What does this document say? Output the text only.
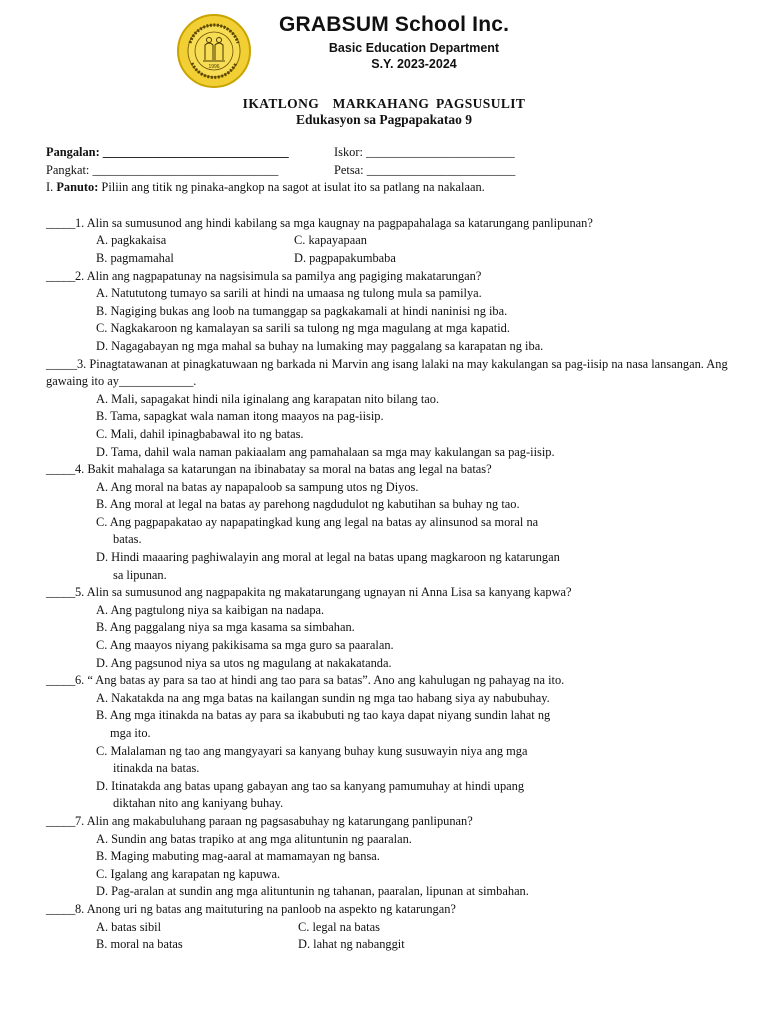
1996
GRABSUM School Inc.
Basic Education Department
S.Y. 2023-2024
IKATLONG  MARKAHANG PAGSUSULIT
Edukasyon sa Pagpapakatao 9
Pangalan: ______________________________	Iskor: ________________________
Pangkat: ______________________________	Petsa: ________________________
I. Panuto: Piliin ang titik ng pinaka-angkop na sagot at isulat ito sa patlang na nakalaan.
_____1. Alin sa sumusunod ang hindi kabilang sa mga kaugnay na pagpapahalaga sa katarungang panlipunan?
A. pagkakaisa	C. kapayapaan
B. pagmamahal	D. pagpapakumbaba
_____2. Alin ang nagpapatunay na nagsisimula sa pamilya ang pagiging makatarungan?
A. Natututong tumayo sa sarili at hindi na umaasa ng tulong mula sa pamilya.
B. Nagiging bukas ang loob na tumanggap sa pagkakamali at hindi naninisi ng iba.
C. Nagkakaroon ng kamalayan sa sarili sa tulong ng mga magulang at mga kapatid.
D. Nagagabayan ng mga mahal sa buhay na lumaking may paggalang sa karapatan ng iba.
_____3. Pinagtatawanan at pinagkatuwaan ng barkada ni Marvin ang isang lalaki na may kakulangan sa pag-iisip na nasa lansangan. Ang gawaing ito ay____________.
A. Mali, sapagakat hindi nila iginalang ang karapatan nito bilang tao.
B. Tama, sapagkat wala naman itong maayos na pag-iisip.
C. Mali, dahil ipinagbabawal ito ng batas.
D. Tama, dahil wala naman pakiaalam ang pamahalaan sa mga may kakulangan sa pag-iisip.
_____4. Bakit mahalaga sa katarungan na ibinabatay sa moral na batas ang legal na batas?
A. Ang moral na batas ay napapaloob sa sampung utos ng Diyos.
B. Ang moral at legal na batas ay parehong nagdudulot ng kabutihan sa buhay ng tao.
C. Ang pagpapakatao ay napapatingkad kung ang legal na batas ay alinsunod sa moral na
batas.
D. Hindi maaaring paghiwalayin ang moral at legal na batas upang magkaroon ng katarungan
sa lipunan.
_____5. Alin sa sumusunod ang nagpapakita ng makatarungang ugnayan ni Anna Lisa sa kanyang kapwa?
A. Ang pagtulong niya sa kaibigan na nadapa.
B. Ang paggalang niya sa mga kasama sa simbahan.
C. Ang maayos niyang pakikisama sa mga guro sa paaralan.
D. Ang pagsunod niya sa utos ng magulang at nakakatanda.
_____6. “ Ang batas ay para sa tao at hindi ang tao para sa batas”. Ano ang kahulugan ng pahayag na ito.
A. Nakatakda na ang mga batas na kailangan sundin ng mga tao habang siya ay nabubuhay.
B. Ang mga itinakda na batas ay para sa ikabubuti ng tao kaya dapat niyang sundin lahat ng
mga ito.
C. Malalaman ng tao ang mangyayari sa kanyang buhay kung susuwayin niya ang mga
itinakda na batas.
D. Itinatakda ang batas upang gabayan ang tao sa kanyang pamumuhay at hindi upang
diktahan nito ang kaniyang buhay.
_____7. Alin ang makabuluhang paraan ng pagsasabuhay ng katarungang panlipunan?
A. Sundin ang batas trapiko at ang mga alituntunin ng paaralan.
B. Maging mabuting mag-aaral at mamamayan ng bansa.
C. Igalang ang karapatan ng kapuwa.
D. Pag-aralan at sundin ang mga alituntunin ng tahanan, paaralan, lipunan at simbahan.
_____8. Anong uri ng batas ang maituturing na panloob na aspekto ng katarungan?
A. batas sibil	C. legal na batas
B. moral na batas	D. lahat ng nabanggit
